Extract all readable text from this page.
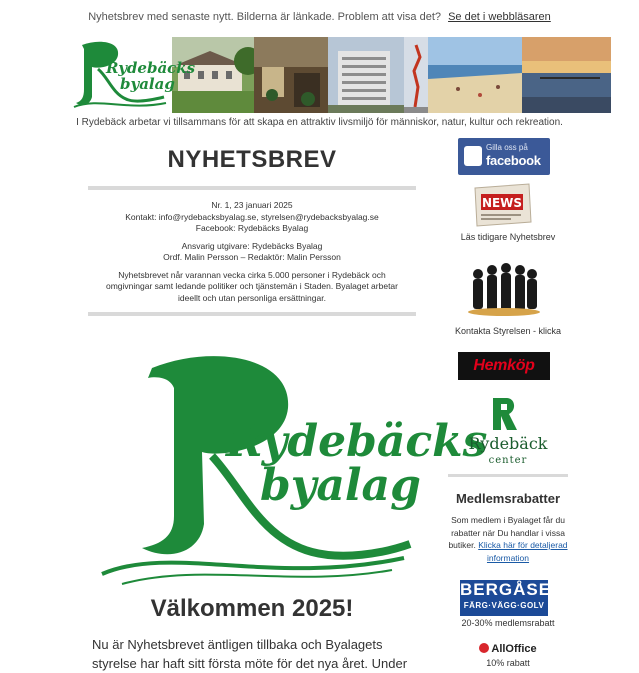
Nyhetsbrev med senaste nytt. Bilderna är länkade. Problem att visa det? Se det i webbläsaren
Rydebäcks
byalag
I Rydebäck arbetar vi tillsammans för att skapa en attraktiv livsmiljö för människor, natur, kultur och rekreation.
NYHETSBREV

Nr. 1, 23 januari 2025
Kontakt: info@rydebacksbyalag.se, styrelsen@rydebacksbyalag.se
Facebook: Rydebäcks Byalag

Ansvarig utgivare: Rydebäcks Byalag
Ordf. Malin Persson – Redaktör: Malin Persson

Nyhetsbrevet når varannan vecka cirka 5.000 personer i Rydebäck och omgivningar samt ledande politiker och tjänstemän i Staden. Byalaget arbetar ideellt och utan personliga ersättningar.

Rydebäcks
byalag
Välkommen 2025!
Nu är Nyhetsbrevet äntligen tillbaka och Byalagets styrelse har haft sitt första möte för det nya året. Under
Gilla oss på
facebook
NEWS
Läs tidigare Nyhetsbrev
Kontakta Styrelsen - klicka
Hemköp
Rydebäck
center
Medlemsrabatter
Som medlem i Byalaget får du rabatter när Du handlar i vissa butiker. Klicka här för detaljerad information
BERGÅSE
FÄRG·VÄGG·GOLV
20-30% medlemsrabatt
AllOffice
10% rabatt
